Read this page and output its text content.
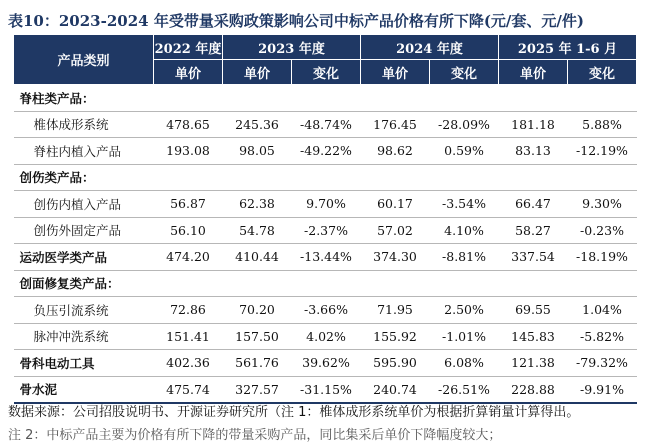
表10：2023-2024 年受带量采购政策影响公司中标产品价格有所下降(元/套、元/件)
产品类别	2022 年度	2023 年度		2024 年度		2025 年 1-6 月	
	单价	单价	变化	单价	变化	单价	变化
脊柱类产品：							
椎体成形系统	478.65	245.36	-48.74%	176.45	-28.09%	181.18	5.88%
脊柱内植入产品	193.08	98.05	-49.22%	98.62	0.59%	83.13	-12.19%
创伤类产品：							
创伤内植入产品	56.87	62.38	9.70%	60.17	-3.54%	66.47	9.30%
创伤外固定产品	56.10	54.78	-2.37%	57.02	4.10%	58.27	-0.23%
运动医学类产品	474.20	410.44	-13.44%	374.30	-8.81%	337.54	-18.19%
创面修复类产品：							
负压引流系统	72.86	70.20	-3.66%	71.95	2.50%	69.55	1.04%
脉冲冲洗系统	151.41	157.50	4.02%	155.92	-1.01%	145.83	-5.82%
骨科电动工具	402.36	561.76	39.62%	595.90	6.08%	121.38	-79.32%
骨水泥	475.74	327.57	-31.15%	240.74	-26.51%	228.88	-9.91%
数据来源：公司招股说明书、开源证券研究所（注 1：椎体成形系统单价为根据折算销量计算得出。
注 2：中标产品主要为价格有所下降的带量采购产品，同比集采后单价下降幅度较大；
